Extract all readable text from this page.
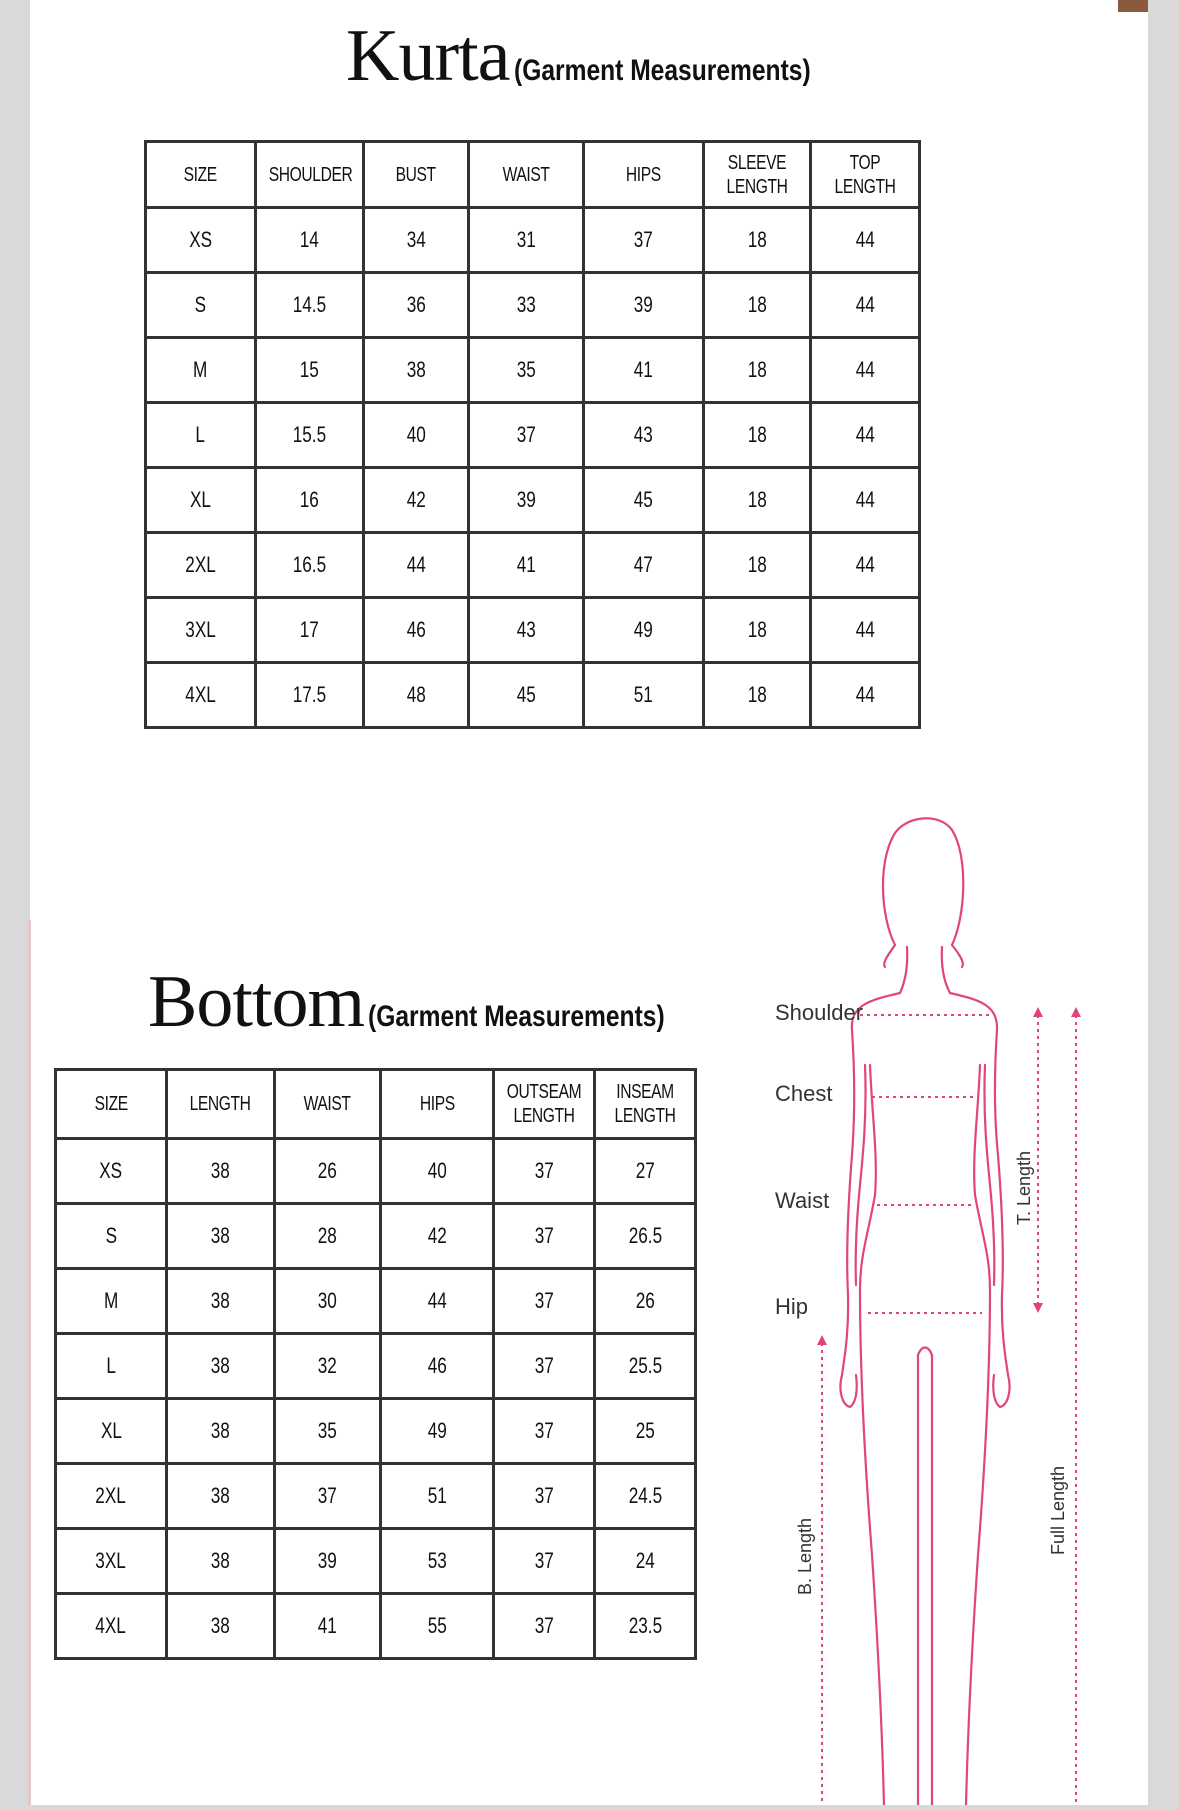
Kurta (Garment Measurements)
SIZE	SHOULDER	BUST	WAIST	HIPS	SLEEVE LENGTH	TOP LENGTH
XS	14	34	31	37	18	44
S	14.5	36	33	39	18	44
M	15	38	35	41	18	44
L	15.5	40	37	43	18	44
XL	16	42	39	45	18	44
2XL	16.5	44	41	47	18	44
3XL	17	46	43	49	18	44
4XL	17.5	48	45	51	18	44
Bottom (Garment Measurements)
SIZE	LENGTH	WAIST	HIPS	OUTSEAM LENGTH	INSEAM LENGTH
XS	38	26	40	37	27
S	38	28	42	37	26.5
M	38	30	44	37	26
L	38	32	46	37	25.5
XL	38	35	49	37	25
2XL	38	37	51	37	24.5
3XL	38	39	53	37	24
4XL	38	41	55	37	23.5
Shoulder
Chest
Waist
Hip
T. Length
Full Length
B. Length
